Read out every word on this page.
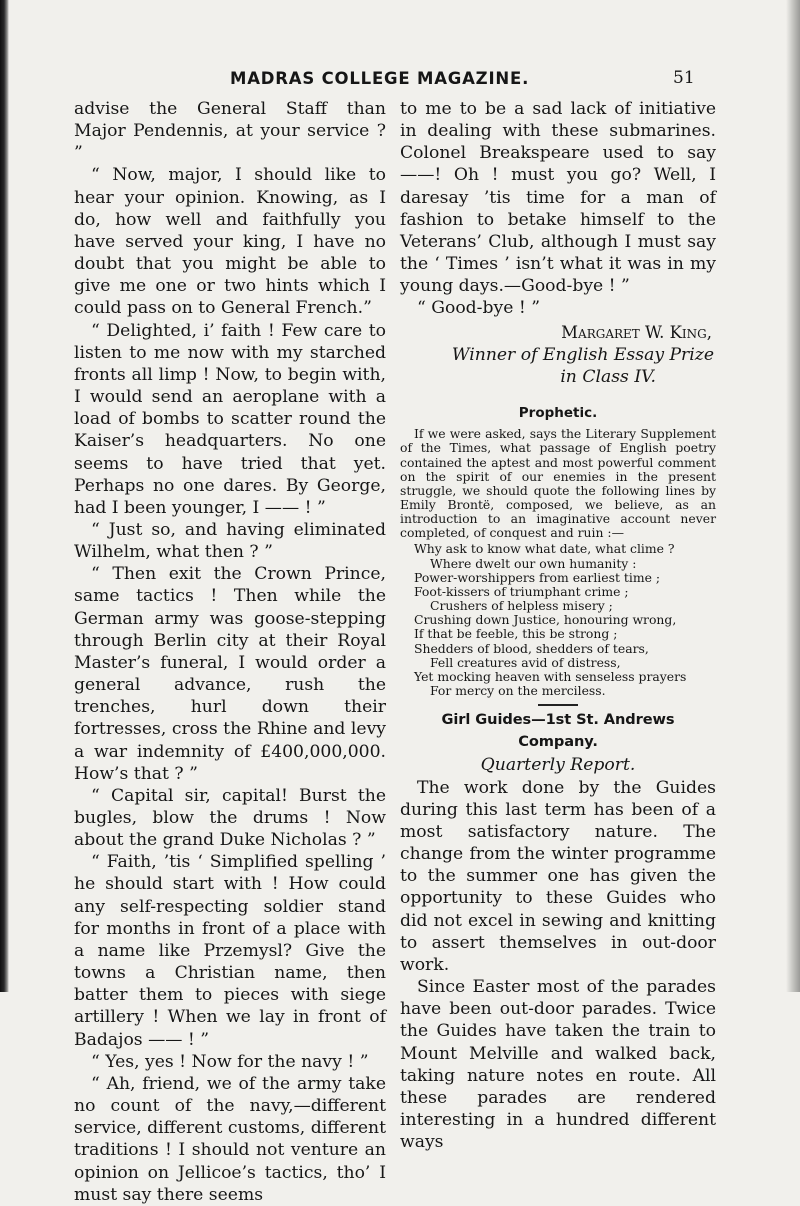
MADRAS COLLEGE MAGAZINE.	51

advise the General Staff than Major Pendennis, at your service ? ”

“ Now, major, I should like to hear your opinion. Knowing, as I do, how well and faithfully you have served your king, I have no doubt that you might be able to give me one or two hints which I could pass on to General French.”

“ Delighted, i’ faith ! Few care to listen to me now with my starched fronts all limp ! Now, to begin with, I would send an aeroplane with a load of bombs to scatter round the Kaiser’s headquarters. No one seems to have tried that yet. Perhaps no one dares. By George, had I been younger, I —— ! ”

“ Just so, and having eliminated Wilhelm, what then ? ”

“ Then exit the Crown Prince, same tactics ! Then while the German army was goose-stepping through Berlin city at their Royal Master’s funeral, I would order a general advance, rush the trenches, hurl down their fortresses, cross the Rhine and levy a war indemnity of £400,000,000. How’s that ? ”

“ Capital sir, capital! Burst the bugles, blow the drums ! Now about the grand Duke Nicholas ? ”

“ Faith, ’tis ‘ Simplified spelling ’ he should start with ! How could any self-respecting soldier stand for months in front of a place with a name like Przemysl? Give the towns a Christian name, then batter them to pieces with siege artillery ! When we lay in front of Badajos —— ! ”

“ Yes, yes ! Now for the navy ! ”

“ Ah, friend, we of the army take no count of the navy,—different service, different customs, different traditions ! I should not venture an opinion on Jellicoe’s tactics, tho’ I must say there seems

to me to be a sad lack of initiative in dealing with these submarines. Colonel Breakspeare used to say ——! Oh ! must you go? Well, I daresay ’tis time for a man of fashion to betake himself to the Veterans’ Club, although I must say the ‘ Times ’ isn’t what it was in my young days.—Good-bye ! ”

“ Good-bye ! ”

Margaret W. King,
Winner of English Essay Prize
in Class IV.
Prophetic.

If we were asked, says the Literary Supplement of the Times, what passage of English poetry contained the aptest and most powerful comment on the spirit of our enemies in the present struggle, we should quote the following lines by Emily Brontë, composed, we believe, as an introduction to an imaginative account never completed, of conquest and ruin :—

Why ask to know what date, what clime ?
Where dwelt our own humanity :
Power-worshippers from earliest time ;
Foot-kissers of triumphant crime ;
Crushers of helpless misery ;
Crushing down Justice, honouring wrong,
If that be feeble, this be strong ;
Shedders of blood, shedders of tears,
Fell creatures avid of distress,
Yet mocking heaven with senseless prayers
For mercy on the merciless.
Girl Guides—1st St. Andrews Company.
Quarterly Report.

The work done by the Guides during this last term has been of a most satisfactory nature. The change from the winter programme to the summer one has given the opportunity to these Guides who did not excel in sewing and knitting to assert themselves in out-door work.

Since Easter most of the parades have been out-door parades. Twice the Guides have taken the train to Mount Melville and walked back, taking nature notes en route. All these parades are rendered interesting in a hundred different ways
